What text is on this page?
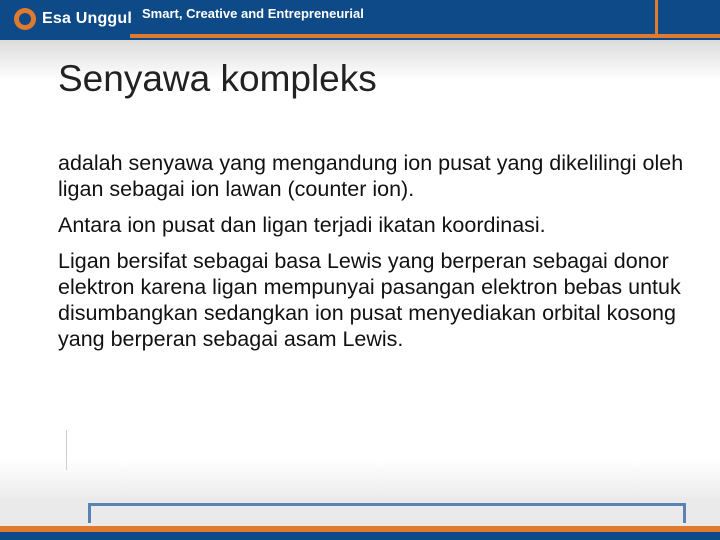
Esa Unggul Smart, Creative and Entrepreneurial
Senyawa kompleks

adalah senyawa yang mengandung ion pusat yang dikelilingi oleh ligan sebagai ion lawan (counter ion).

Antara ion pusat dan ligan terjadi ikatan koordinasi.

Ligan bersifat sebagai basa Lewis yang berperan sebagai donor elektron karena ligan mempunyai pasangan elektron bebas untuk disumbangkan sedangkan ion pusat menyediakan orbital kosong yang berperan sebagai asam Lewis.
